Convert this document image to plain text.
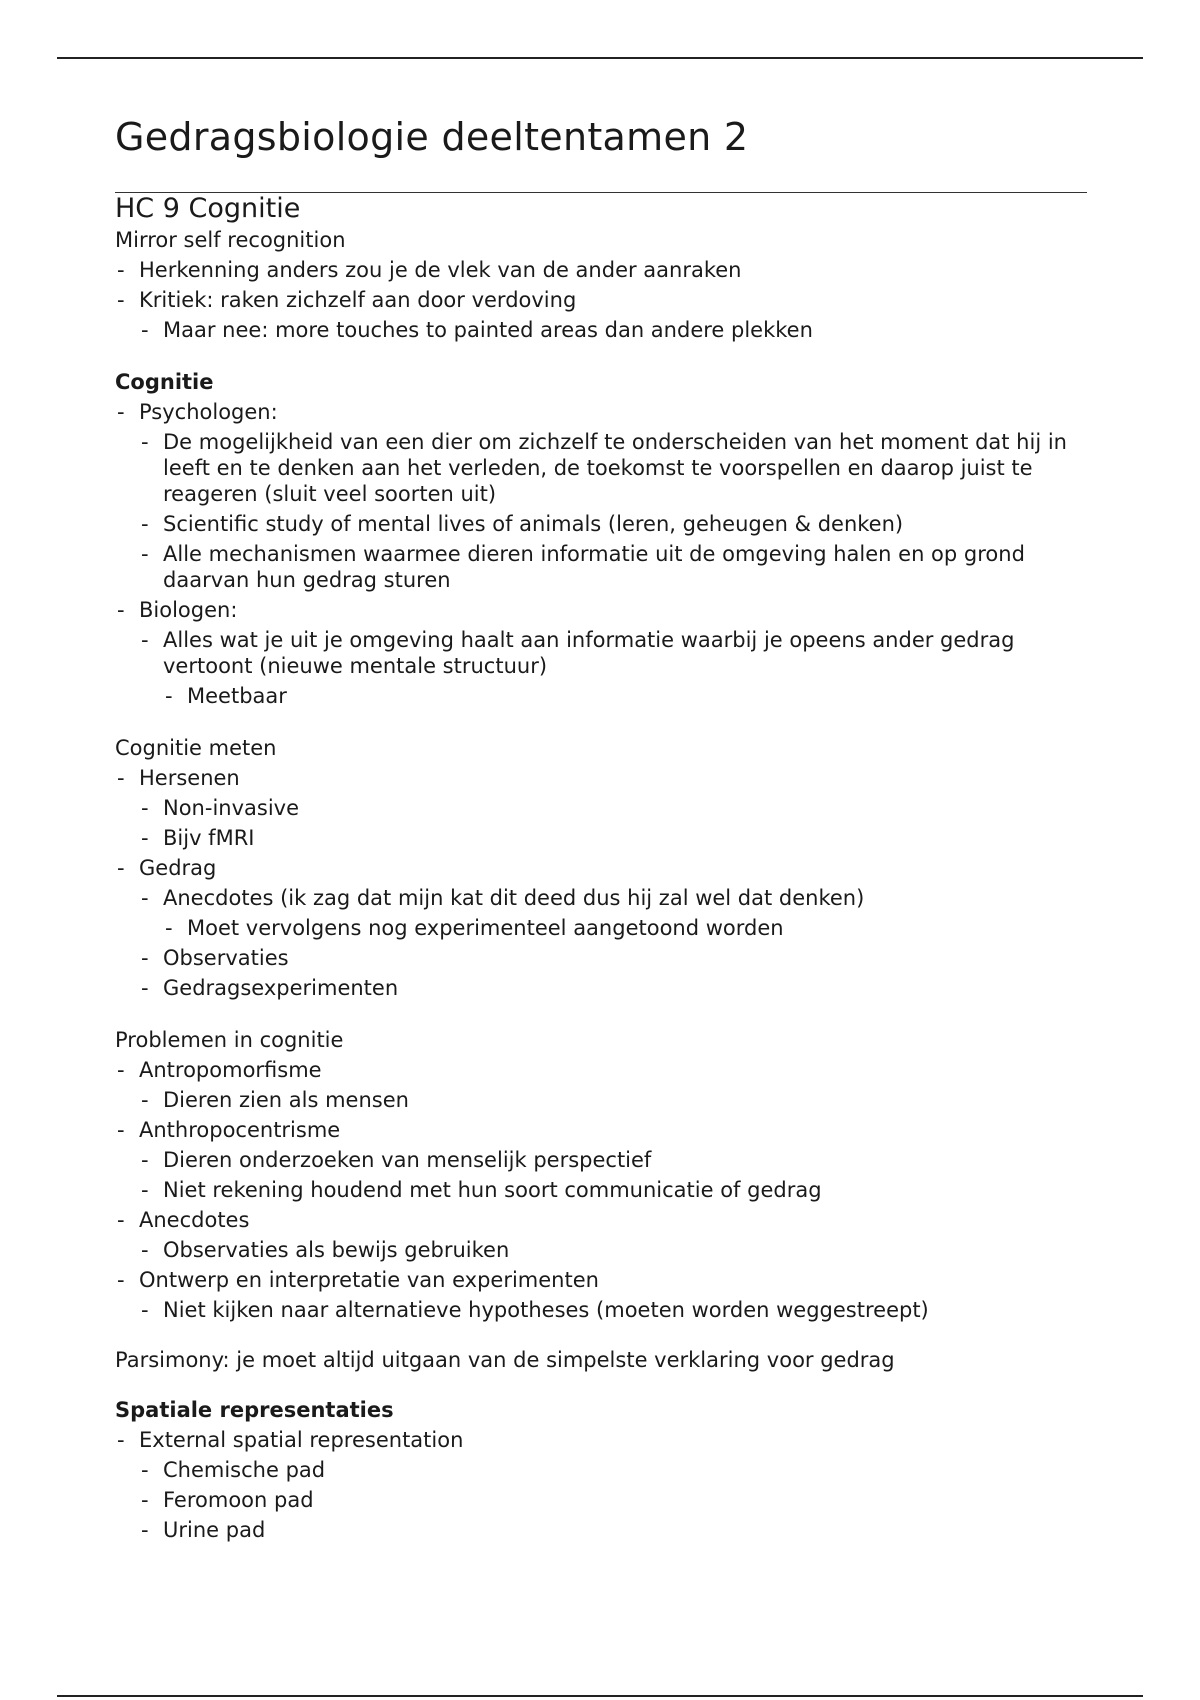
Gedragsbiologie deeltentamen 2
HC 9 Cognitie

Mirror self recognition

- Herkenning anders zou je de vlek van de ander aanraken
- Kritiek: raken zichzelf aan door verdoving
- Maar nee: more touches to painted areas dan andere plekken

Cognitie

- Psychologen:
- De mogelijkheid van een dier om zichzelf te onderscheiden van het moment dat hij in leeft en te denken aan het verleden, de toekomst te voorspellen en daarop juist te reageren (sluit veel soorten uit)
- Scientific study of mental lives of animals (leren, geheugen & denken)
- Alle mechanismen waarmee dieren informatie uit de omgeving halen en op grond daarvan hun gedrag sturen
- Biologen:
- Alles wat je uit je omgeving haalt aan informatie waarbij je opeens ander gedrag vertoont (nieuwe mentale structuur)
- Meetbaar

Cognitie meten

- Hersenen
- Non-invasive
- Bijv fMRI
- Gedrag
- Anecdotes (ik zag dat mijn kat dit deed dus hij zal wel dat denken)
- Moet vervolgens nog experimenteel aangetoond worden
- Observaties
- Gedragsexperimenten

Problemen in cognitie

- Antropomorfisme
- Dieren zien als mensen
- Anthropocentrisme
- Dieren onderzoeken van menselijk perspectief
- Niet rekening houdend met hun soort communicatie of gedrag
- Anecdotes
- Observaties als bewijs gebruiken
- Ontwerp en interpretatie van experimenten
- Niet kijken naar alternatieve hypotheses (moeten worden weggestreept)

Parsimony: je moet altijd uitgaan van de simpelste verklaring voor gedrag

Spatiale representaties

- External spatial representation
- Chemische pad
- Feromoon pad
- Urine pad
